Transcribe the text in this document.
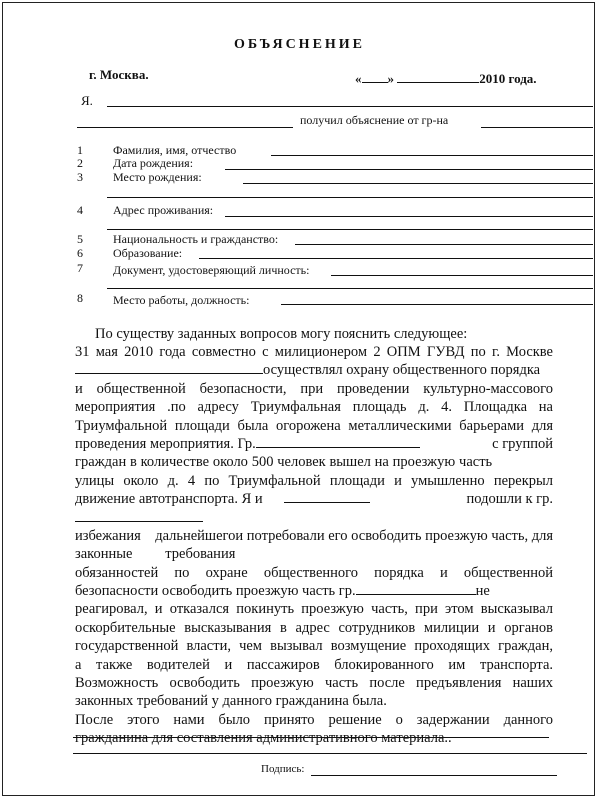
ОБЪЯСНЕНИЕ
г. Москва.	« »	2010 года.
Я.
получил объяснение от гр-на
1	Фамилия, имя, отчество
2	Дата рождения:
3	Место рождения:
4	Адрес проживания:
5	Национальность и гражданство:
6	Образование:
7	Документ, удостоверяющий личность:
8	Место работы, должность:
По существу заданных вопросов могу пояснить следующее:
31 мая 2010 года совместно с милиционером 2 ОПМ ГУВД по г. Москве
осуществлял охрану общественного порядка
и общественной безопасности, при проведении культурно-массового
мероприятия .по адресу Триумфальная площадь д. 4. Площадка на
Триумфальной площади была огорожена металлическими барьерами для
проведения мероприятия. Гр.	с группой
граждан в количестве около 500 человек вышел на проезжую часть
улицы около д. 4 по Триумфальной площади и умышленно перекрыл
движение автотранспорта. Я и	подошли к гр.

и потребовали его освободить проезжую часть, для
избежания дальнейшего
законные требования
обязанностей по охране общественного порядка и общественной
безопасности освободить проезжую часть гр.	не
реагировал, и отказался покинуть проезжую часть, при этом высказывал
оскорбительные высказывания в адрес сотрудников милиции и органов
государственной власти, чем вызывал возмущение проходящих граждан,
а также водителей и пассажиров блокированного им транспорта.
Возможность освободить проезжую часть после предъявления наших
законных требований у данного гражданина была.
После этого нами было принято решение о задержании данного
гражданина для составления административного материала..
Подпись:
